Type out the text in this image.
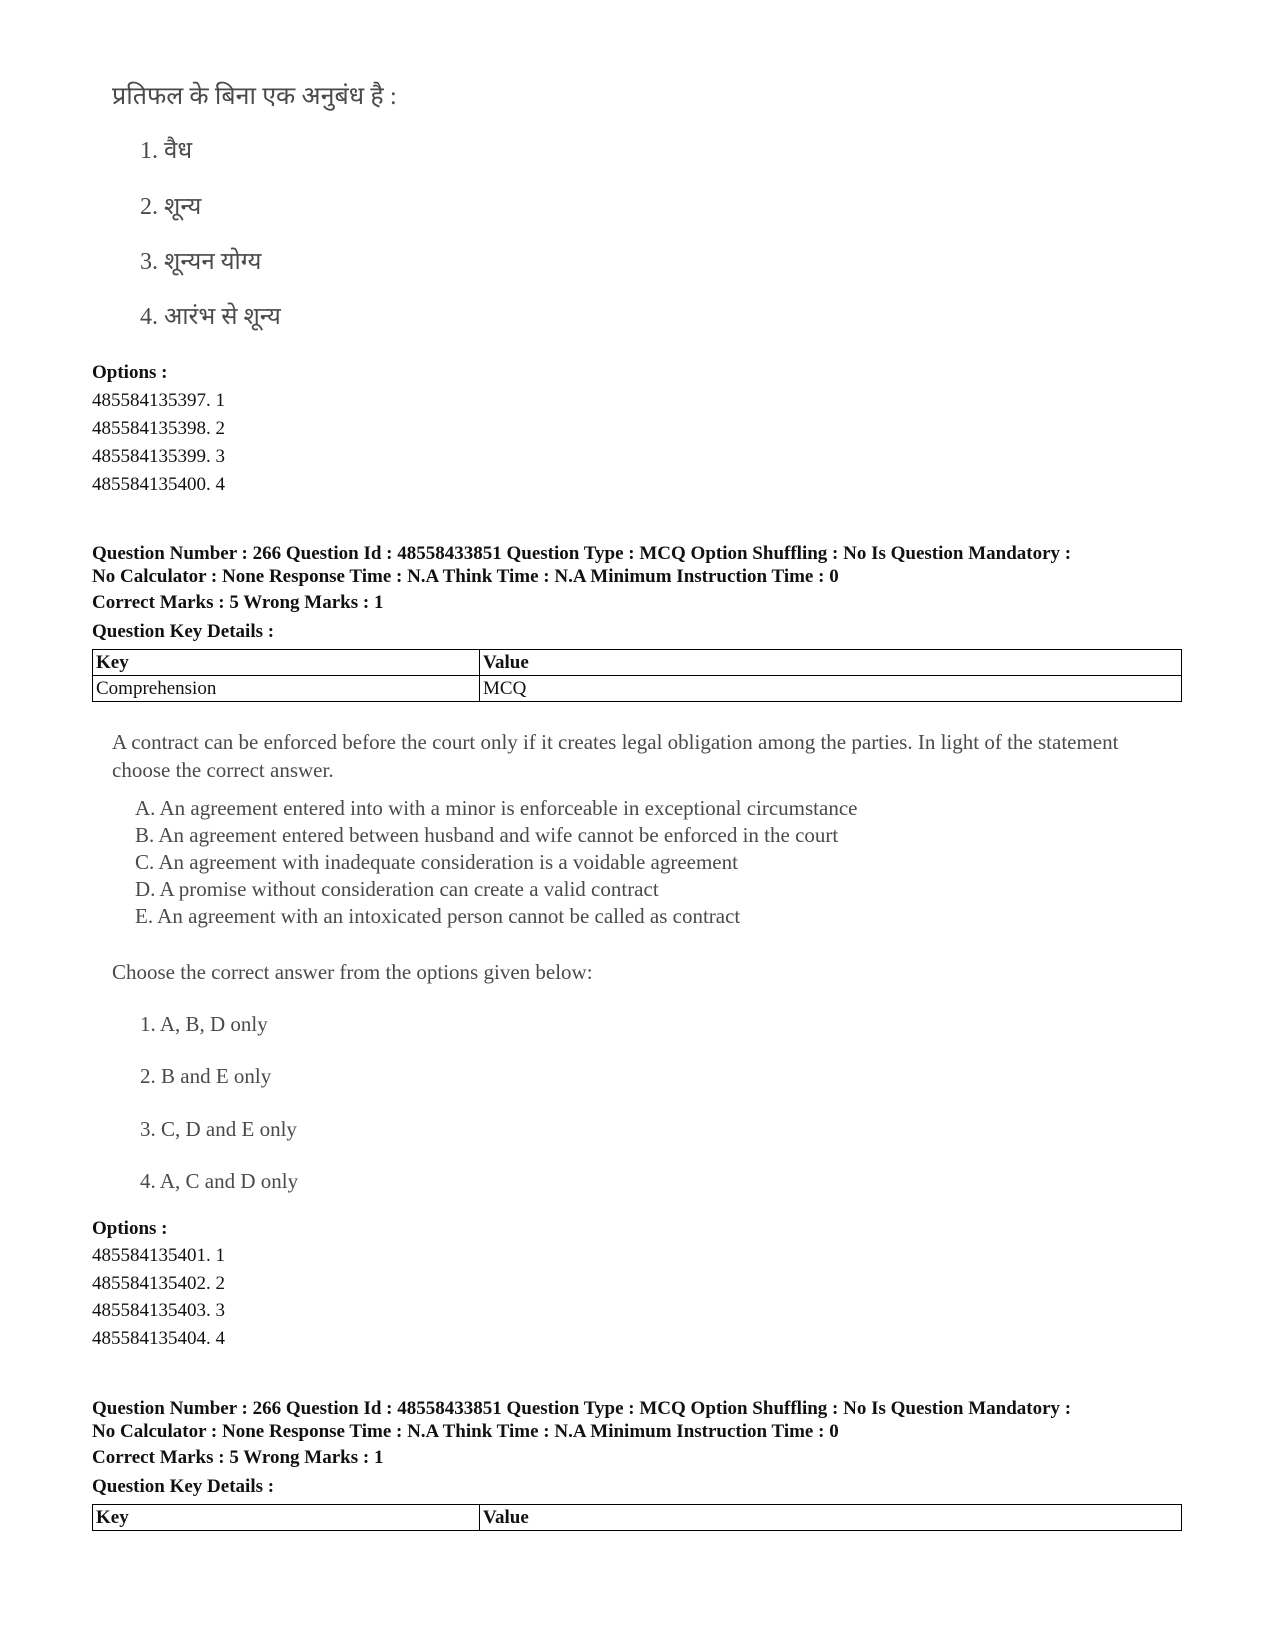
प्रतिफल के बिना एक अनुबंध है :
1. वैध
2. शून्य
3. शून्यन योग्य
4. आरंभ से शून्य
Options :
485584135397. 1
485584135398. 2
485584135399. 3
485584135400. 4
Question Number : 266 Question Id : 48558433851 Question Type : MCQ Option Shuffling : No Is Question Mandatory :
No Calculator : None Response Time : N.A Think Time : N.A Minimum Instruction Time : 0
Correct Marks : 5 Wrong Marks : 1
Question Key Details :
Key	Value
Comprehension	MCQ
A contract can be enforced before the court only if it creates legal obligation among the parties. In light of the statement choose the correct answer.
A. An agreement entered into with a minor is enforceable in exceptional circumstance
B. An agreement entered between husband and wife cannot be enforced in the court
C. An agreement with inadequate consideration is a voidable agreement
D. A promise without consideration can create a valid contract
E. An agreement with an intoxicated person cannot be called as contract
Choose the correct answer from the options given below:
1. A, B, D only
2. B and E only
3. C, D and E only
4. A, C and D only
Options :
485584135401. 1
485584135402. 2
485584135403. 3
485584135404. 4
Question Number : 266 Question Id : 48558433851 Question Type : MCQ Option Shuffling : No Is Question Mandatory :
No Calculator : None Response Time : N.A Think Time : N.A Minimum Instruction Time : 0
Correct Marks : 5 Wrong Marks : 1
Question Key Details :
Key	Value
